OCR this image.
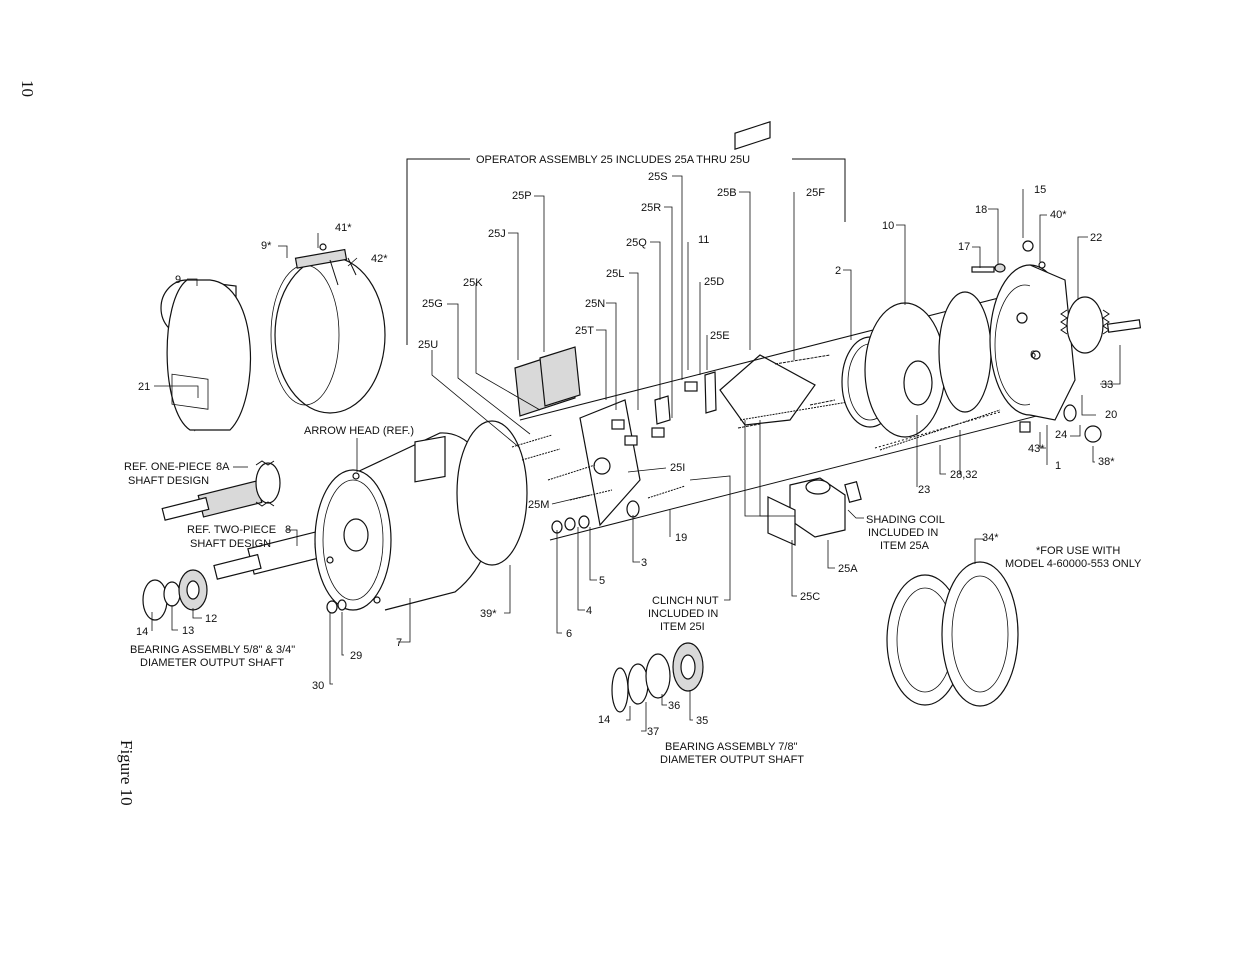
10
Figure 10
OPERATOR ASSEMBLY 25 INCLUDES 25A THRU 25U
9
9*
41*
42*
21
25U
25G
25K
25J
25P
25S
25R
25Q	11
25L
25D
25N
25T	25E
25B	25F
10
2
18
15
40*
17
22
33
20
43*
24
38*
1
28,32
23
25I
25M
19
3
5
4
6
39*
7
8A
8
29
30
14	13
12
25A
25C
34*
14
37
36
35
6
ARROW HEAD (REF.)
REF. ONE-PIECE
SHAFT DESIGN
REF. TWO-PIECE
SHAFT DESIGN
BEARING ASSEMBLY 5/8" & 3/4"
DIAMETER OUTPUT SHAFT
BEARING ASSEMBLY 7/8"
DIAMETER OUTPUT SHAFT
CLINCH NUT
INCLUDED IN
ITEM 25I
SHADING COIL
INCLUDED IN
ITEM 25A	*FOR USE WITH
MODEL 4-60000-553 ONLY
